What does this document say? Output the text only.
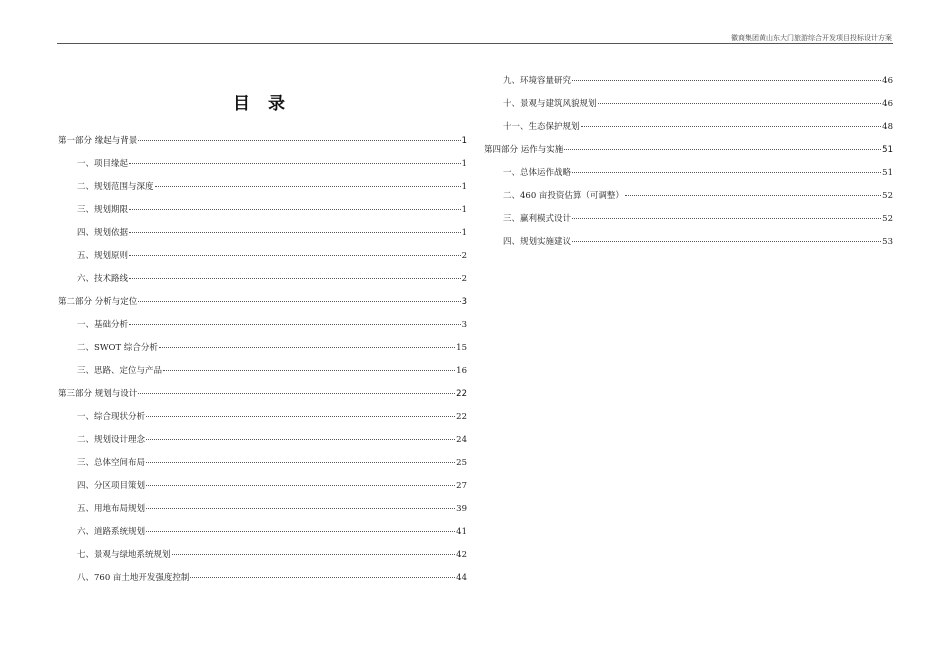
徽商集团黄山东大门旅游综合开发项目投标设计方案
目 录
第一部分 缘起与背景	1
一、项目缘起	1
二、规划范围与深度	1
三、规划期限	1
四、规划依据	1
五、规划原则	2
六、技术路线	2
第二部分 分析与定位	3
一、基础分析	3
二、SWOT 综合分析	15
三、思路、定位与产品	16
第三部分 规划与设计	22
一、综合现状分析	22
二、规划设计理念	24
三、总体空间布局	25
四、分区项目策划	27
五、用地布局规划	39
六、道路系统规划	41
七、景观与绿地系统规划	42
八、760 亩土地开发强度控制	44
九、环境容量研究	46
十、景观与建筑风貌规划	46
十一、生态保护规划	48
第四部分 运作与实施	51
一、总体运作战略	51
二、460 亩投资估算（可调整）	52
三、赢利模式设计	52
四、规划实施建议	53
